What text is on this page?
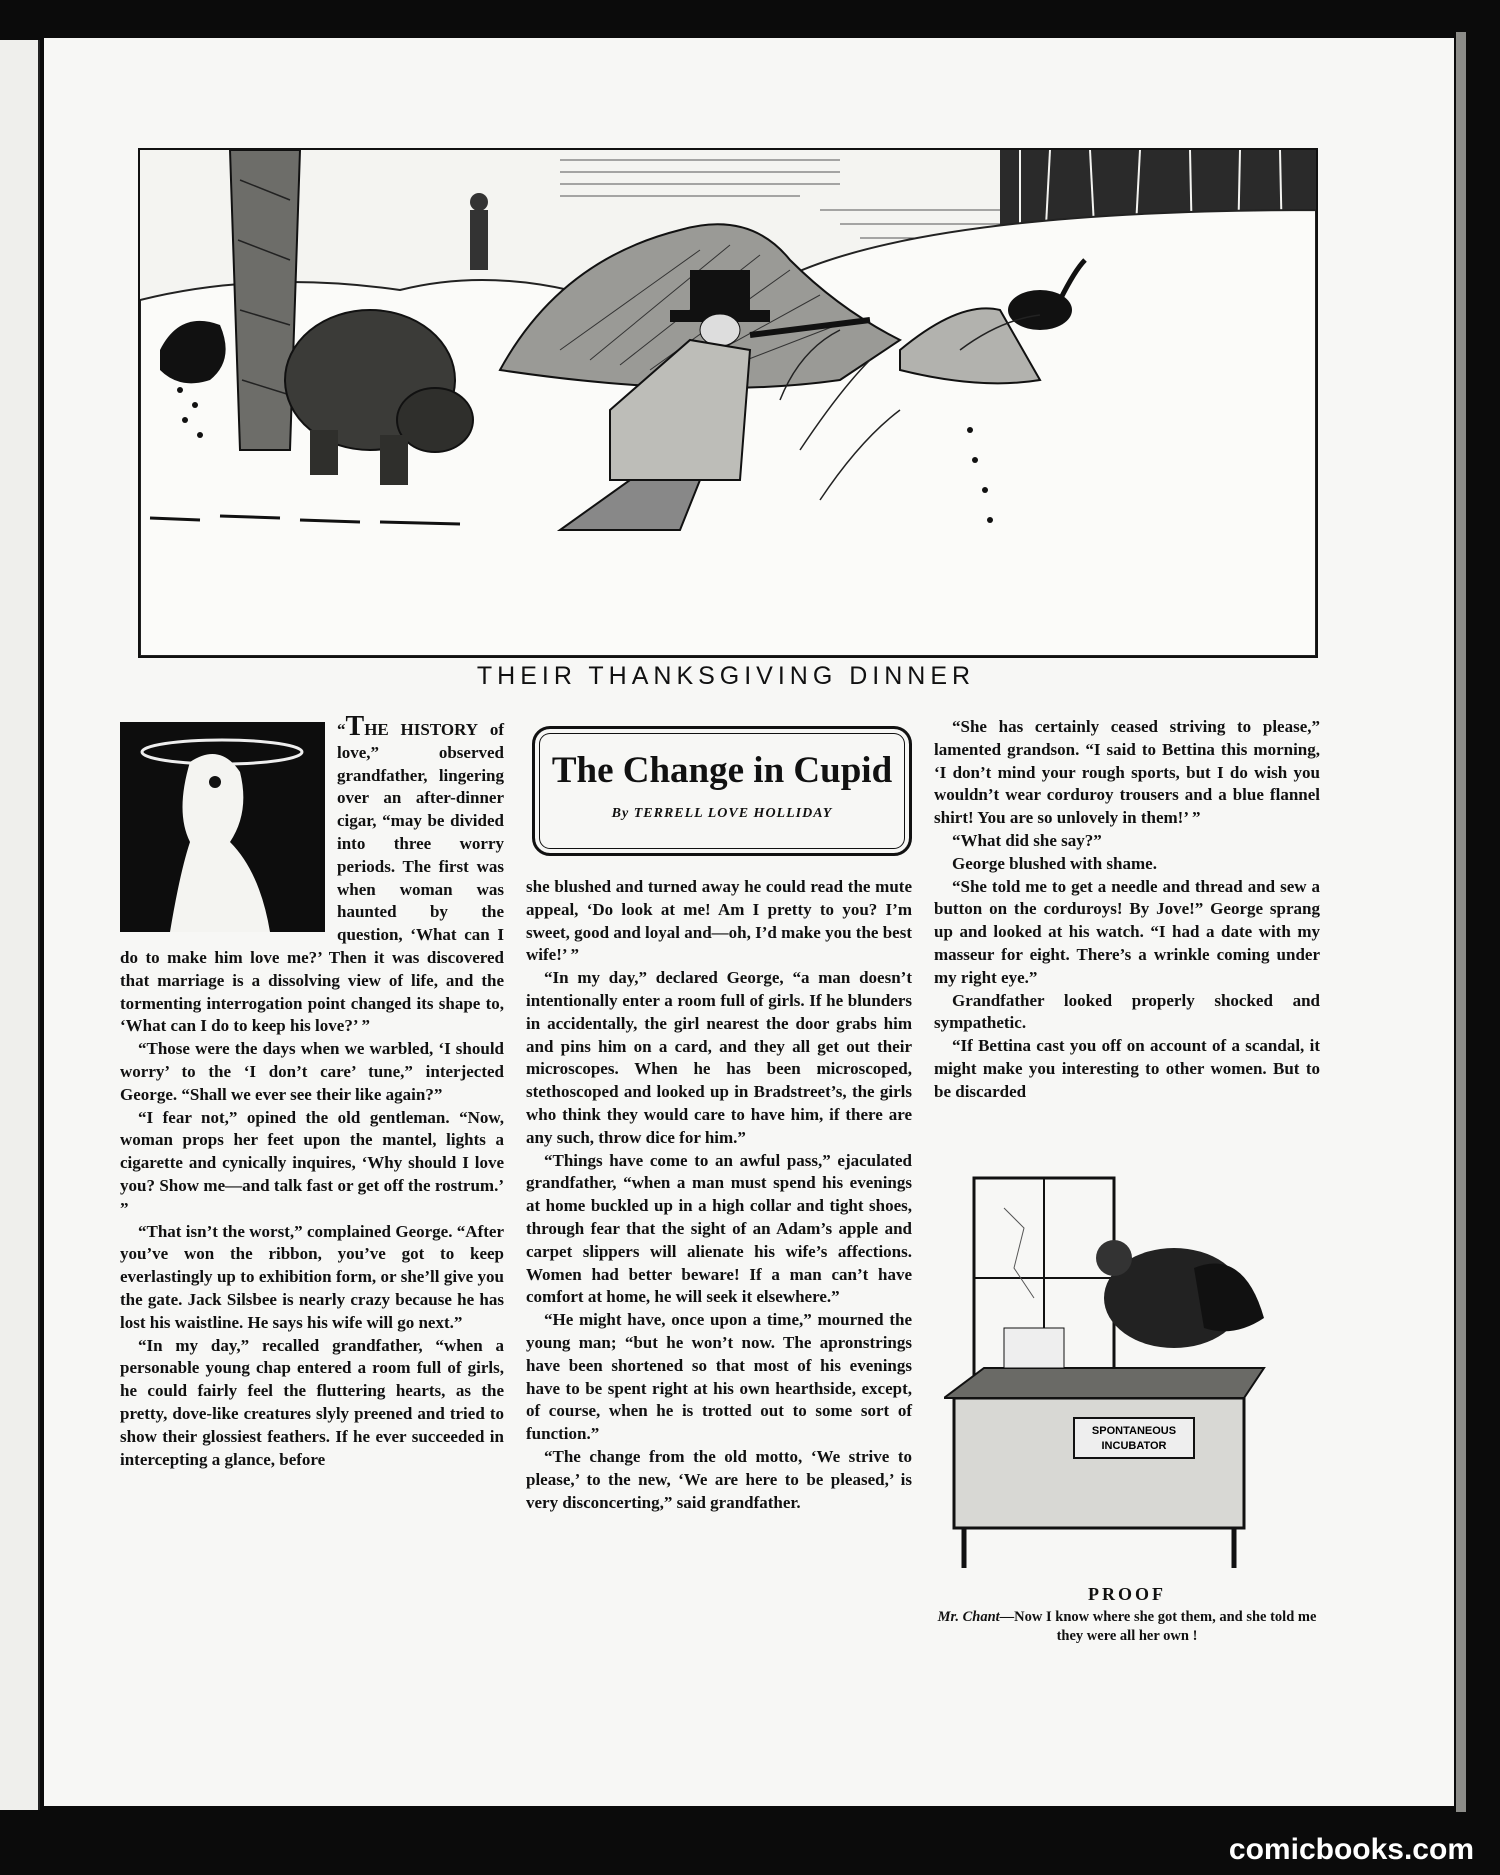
THEIR THANKSGIVING DINNER

“THE HISTORY
of love,” observed grandfather, lingering over an after-dinner cigar, “may be divided into three worry periods. The first was when woman was haunted by the question, ‘What can I do to make him love me?’ Then it was discovered that marriage is a dissolving view of life, and the tormenting interrogation point changed its shape to, ‘What can I do to keep his love?’ ”

“Those were the days when we warbled, ‘I should worry’ to the ‘I don’t care’ tune,” interjected George. “Shall we ever see their like again?”

“I fear not,” opined the old gentleman. “Now, woman props her feet upon the mantel, lights a cigarette and cynically inquires, ‘Why should I love you? Show me—and talk fast or get off the rostrum.’ ”

“That isn’t the worst,” complained George. “After you’ve won the ribbon, you’ve got to keep everlastingly up to exhibition form, or she’ll give you the gate. Jack Silsbee is nearly crazy because he has lost his waistline. He says his wife will go next.”

“In my day,” recalled grandfather, “when a personable young chap entered a room full of girls, he could fairly feel the fluttering hearts, as the pretty, dove-like creatures slyly preened and tried to show their glossiest feathers. If he ever succeeded in intercepting a glance, before

The Change in Cupid
By TERRELL LOVE HOLLIDAY

she blushed and turned away he could read the mute appeal, ‘Do look at me! Am I pretty to you? I’m sweet, good and loyal and—oh, I’d make you the best wife!’ ”

“In my day,” declared George, “a man doesn’t intentionally enter a room full of girls. If he blunders in accidentally, the girl nearest the door grabs him and pins him on a card, and they all get out their microscopes. When he has been microscoped, stethoscoped and looked up in Bradstreet’s, the girls who think they would care to have him, if there are any such, throw dice for him.”

“Things have come to an awful pass,” ejaculated grandfather, “when a man must spend his evenings at home buckled up in a high collar and tight shoes, through fear that the sight of an Adam’s apple and carpet slippers will alienate his wife’s affections. Women had better beware! If a man can’t have comfort at home, he will seek it elsewhere.”

“He might have, once upon a time,” mourned the young man; “but he won’t now. The apronstrings have been shortened so that most of his evenings have to be spent right at his own hearthside, except, of course, when he is trotted out to some sort of function.”

“The change from the old motto, ‘We strive to please,’ to the new, ‘We are here to be pleased,’ is very disconcerting,” said grandfather.

“She has certainly ceased striving to please,” lamented grandson. “I said to Bettina this morning, ‘I don’t mind your rough sports, but I do wish you wouldn’t wear corduroy trousers and a blue flannel shirt! You are so unlovely in them!’ ”

“What did she say?”

George blushed with shame.

“She told me to get a needle and thread and sew a button on the corduroys! By Jove!” George sprang up and looked at his watch. “I had a date with my masseur for eight. There’s a wrinkle coming under my right eye.”

Grandfather looked properly shocked and sympathetic.

“If Bettina cast you off on account of a scandal, it might make you interesting to other women. But to be discarded

SPONTANEOUS
INCUBATOR
PROOF
Mr. Chant—Now I know where she got them, and she told me they were all her own !
comicbooks.com
